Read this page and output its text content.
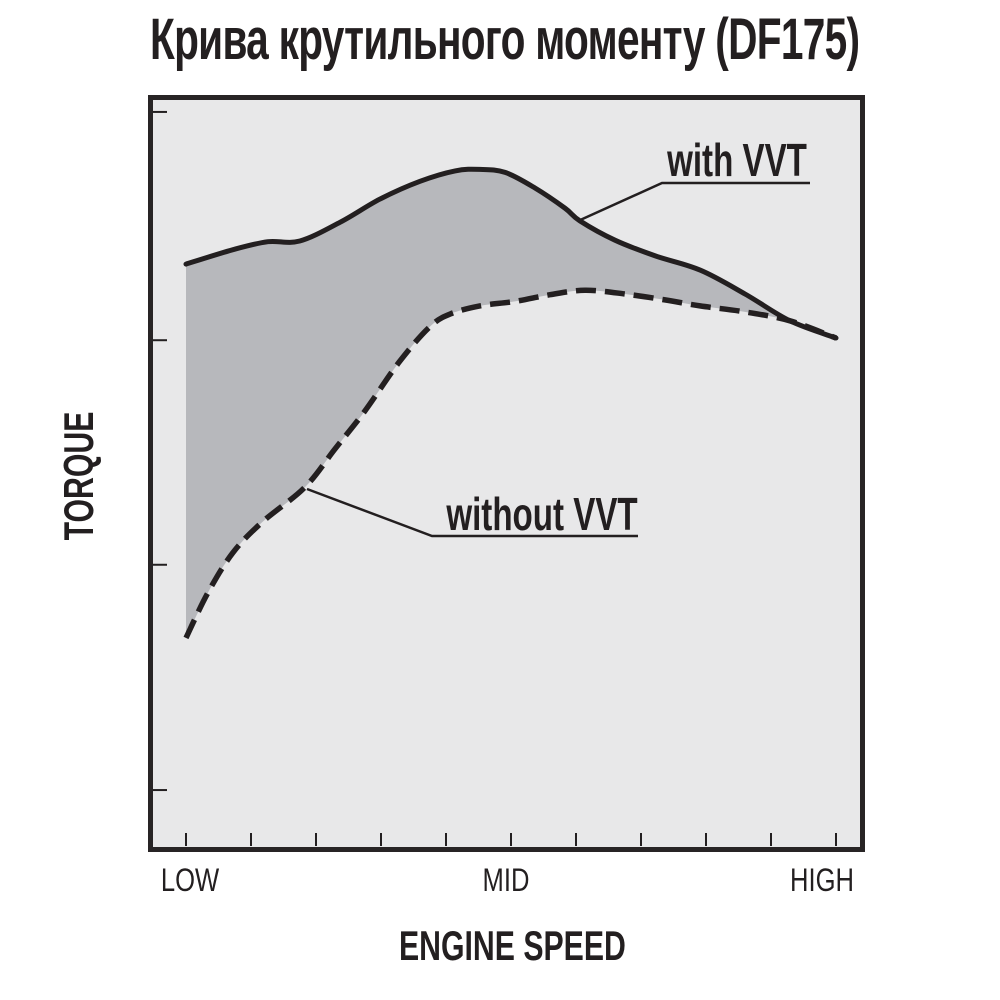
Крива крутильного моменту (DF175)
with VVT
without VVT
TORQUE
ENGINE SPEED
LOW	MID	HIGH
